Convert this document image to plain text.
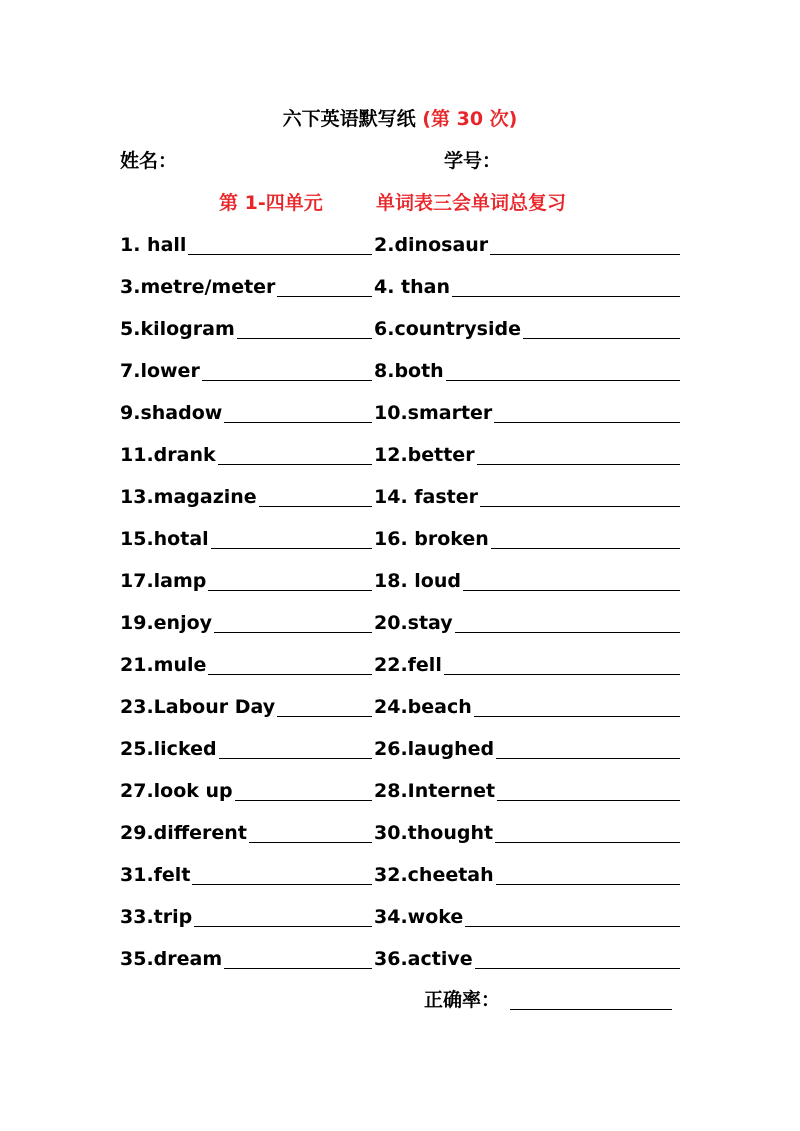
六下英语默写纸 (第 30 次)
姓名：	学号：
第 1-四单元	单词表三会单词总复习
1. hall	2.dinosaur
3.metre/meter	4. than
5.kilogram	6.countryside
7.lower	8.both
9.shadow	10.smarter
11.drank	12.better
13.magazine	14. faster
15.hotal	16. broken
17.lamp	18. loud
19.enjoy	20.stay
21.mule	22.fell
23.Labour Day	24.beach
25.licked	26.laughed
27.look up	28.Internet
29.different	30.thought
31.felt	32.cheetah
33.trip	34.woke
35.dream	36.active
正确率：
